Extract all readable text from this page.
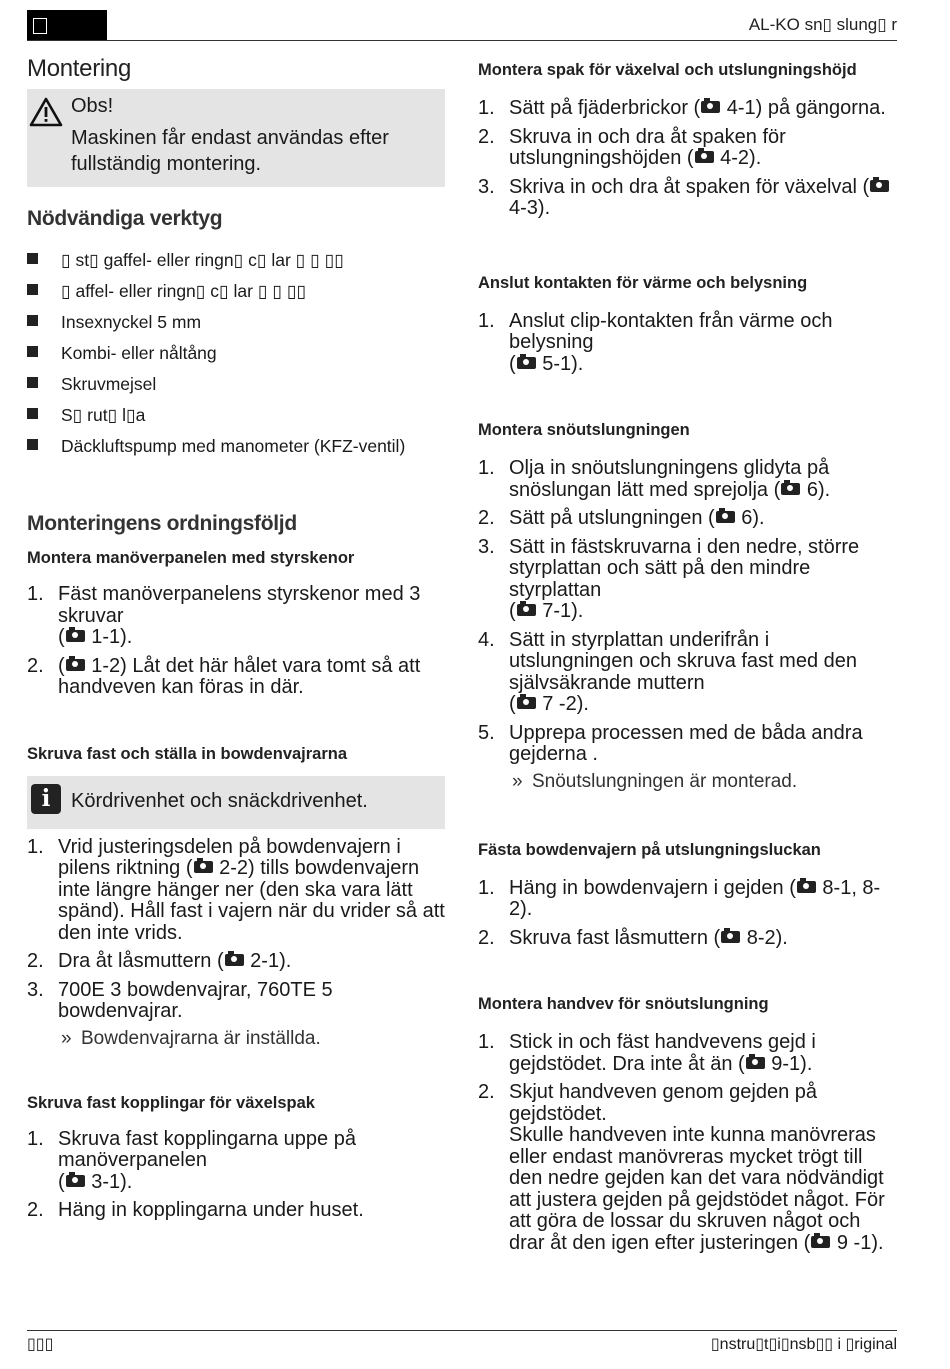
AL-KO sn▯ slung▯ r
Montering

Obs!

Maskinen får endast användas efter fullständig montering.

Nödvändiga verktyg
▯ st▯ gaffel- eller ringn▯ c▯ lar ▯ ▯ ▯▯
▯ affel- eller ringn▯ c▯ lar ▯ ▯ ▯▯
Insexnyckel 5 mm
Kombi- eller nåltång
Skruvmejsel
S▯ rut▯ l▯a
Däckluftspump med manometer (KFZ-ventil)
Monteringens ordningsföljd
Montera manöverpanelen med styrskenor
1. Fäst manöverpanelens styrskenor med 3 skruvar
( 1-1).
2. ( 1-2) Låt det här hålet vara tomt så att handveven kan föras in där.
Skruva fast och ställa in bowdenvajrarna
i	Kördrivenhet och snäckdrivenhet.

1. Vrid justeringsdelen på bowdenvajern i pilens riktning ( 2-2) tills bowdenvajern inte längre hänger ner (den ska vara lätt spänd). Håll fast i vajern när du vrider så att den inte vrids.
2. Dra åt låsmuttern ( 2-1).
3. 700E 3 bowdenvajrar, 760TE 5 bowdenvajrar.
» Bowdenvajrarna är inställda.
Skruva fast kopplingar för växelspak
1. Skruva fast kopplingarna uppe på manöverpanelen
( 3-1).
2. Häng in kopplingarna under huset.
Montera spak för växelval och utslungningshöjd
1. Sätt på fjäderbrickor ( 4-1) på gängorna.
2. Skruva in och dra åt spaken för utslungningshöjden ( 4-2).
3. Skriva in och dra åt spaken för växelval ( 4-3).
Anslut kontakten för värme och belysning
1. Anslut clip-kontakten från värme och belysning
( 5-1).
Montera snöutslungningen
1. Olja in snöutslungningens glidyta på snöslungan lätt med sprejolja ( 6).
2. Sätt på utslungningen ( 6).
3. Sätt in fästskruvarna i den nedre, större styrplattan och sätt på den mindre styrplattan
( 7-1).
4. Sätt in styrplattan underifrån i utslungningen och skruva fast med den självsäkrande muttern
( 7 -2).
5. Upprepa processen med de båda andra gejderna .
» Snöutslungningen är monterad.
Fästa bowdenvajern på utslungningsluckan
1. Häng in bowdenvajern i gejden ( 8-1, 8-2).
2. Skruva fast låsmuttern ( 8-2).
Montera handvev för snöutslungning
1. Stick in och fäst handvevens gejd i gejdstödet. Dra inte åt än ( 9-1).
2. Skjut handveven genom gejden på gejdstödet.
Skulle handveven inte kunna manövreras eller endast manövreras mycket trögt till den nedre gejden kan det vara nödvändigt att justera gejden på gejdstödet något. För att göra de lossar du skruven något och drar åt den igen efter justeringen ( 9 -1).
▯▯▯	▯nstru▯t▯i▯nsb▯▯ i ▯riginal
